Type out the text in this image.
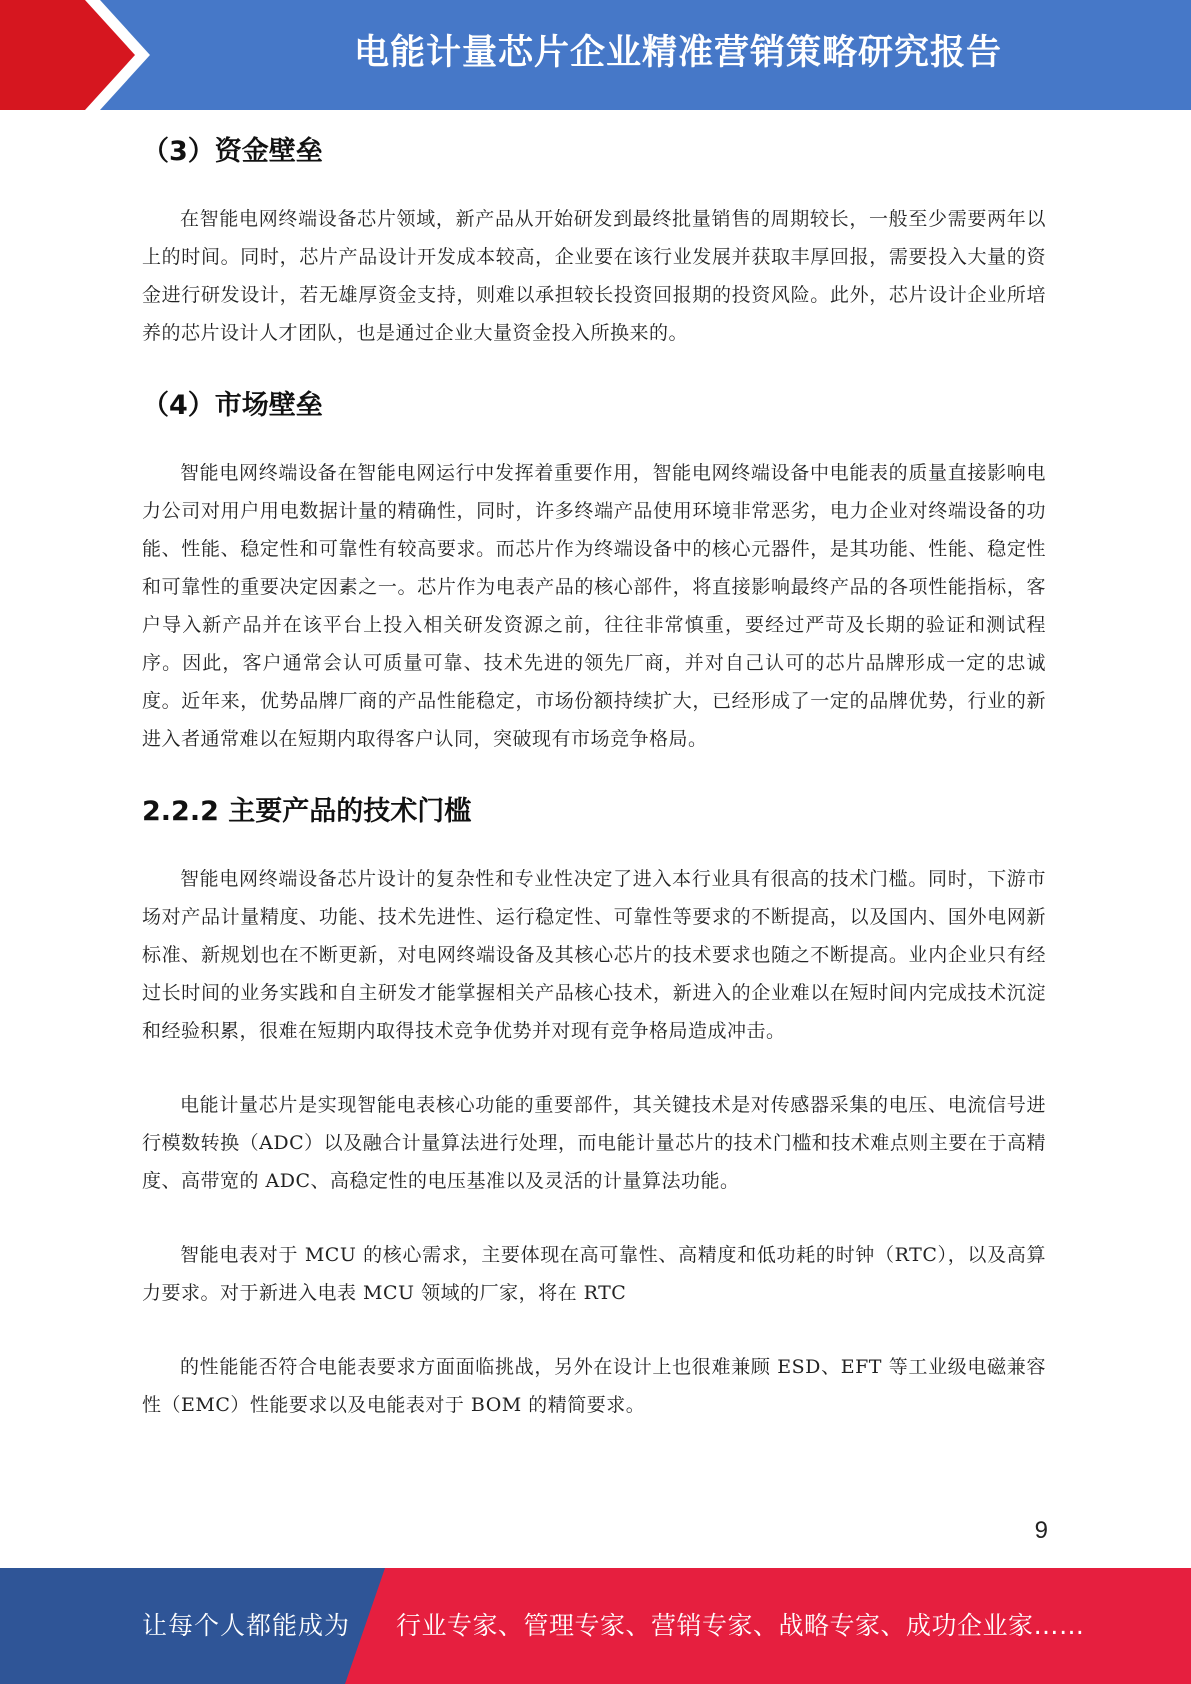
电能计量芯片企业精准营销策略研究报告
（3）资金壁垒

在智能电网终端设备芯片领域，新产品从开始研发到最终批量销售的周期较长，一般至少需要两年以上的时间。同时，芯片产品设计开发成本较高，企业要在该行业发展并获取丰厚回报，需要投入大量的资金进行研发设计，若无雄厚资金支持，则难以承担较长投资回报期的投资风险。此外，芯片设计企业所培养的芯片设计人才团队，也是通过企业大量资金投入所换来的。

（4）市场壁垒

智能电网终端设备在智能电网运行中发挥着重要作用，智能电网终端设备中电能表的质量直接影响电力公司对用户用电数据计量的精确性，同时，许多终端产品使用环境非常恶劣，电力企业对终端设备的功能、性能、稳定性和可靠性有较高要求。而芯片作为终端设备中的核心元器件，是其功能、性能、稳定性和可靠性的重要决定因素之一。芯片作为电表产品的核心部件，将直接影响最终产品的各项性能指标，客户导入新产品并在该平台上投入相关研发资源之前，往往非常慎重，要经过严苛及长期的验证和测试程序。因此，客户通常会认可质量可靠、技术先进的领先厂商，并对自己认可的芯片品牌形成一定的忠诚度。近年来，优势品牌厂商的产品性能稳定，市场份额持续扩大，已经形成了一定的品牌优势，行业的新进入者通常难以在短期内取得客户认同，突破现有市场竞争格局。

2.2.2 主要产品的技术门槛

智能电网终端设备芯片设计的复杂性和专业性决定了进入本行业具有很高的技术门槛。同时，下游市场对产品计量精度、功能、技术先进性、运行稳定性、可靠性等要求的不断提高，以及国内、国外电网新标准、新规划也在不断更新，对电网终端设备及其核心芯片的技术要求也随之不断提高。业内企业只有经过长时间的业务实践和自主研发才能掌握相关产品核心技术，新进入的企业难以在短时间内完成技术沉淀和经验积累，很难在短期内取得技术竞争优势并对现有竞争格局造成冲击。

电能计量芯片是实现智能电表核心功能的重要部件，其关键技术是对传感器采集的电压、电流信号进行模数转换（ADC）以及融合计量算法进行处理，而电能计量芯片的技术门槛和技术难点则主要在于高精度、高带宽的 ADC、高稳定性的电压基准以及灵活的计量算法功能。

智能电表对于 MCU 的核心需求，主要体现在高可靠性、高精度和低功耗的时钟（RTC），以及高算力要求。对于新进入电表 MCU 领域的厂家，将在 RTC

的性能能否符合电能表要求方面面临挑战，另外在设计上也很难兼顾 ESD、EFT 等工业级电磁兼容性（EMC）性能要求以及电能表对于 BOM 的精简要求。

9
让每个人都能成为 行业专家、管理专家、营销专家、战略专家、成功企业家……
